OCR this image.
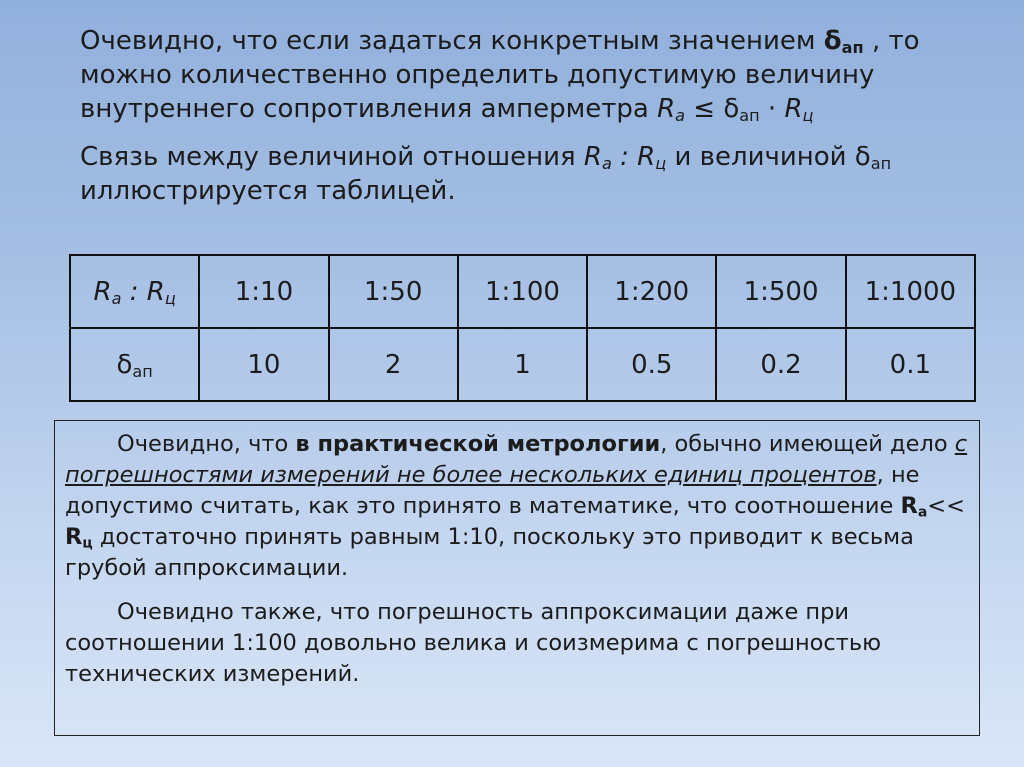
Очевидно, что если задаться конкретным значением $\delta_{ап}$ , то можно количественно определить допустимую величину внутреннего сопротивления амперметра $R_а \le \delta_{ап} \cdot R_ц$

Связь между величиной отношения $R_а$ : $R_ц$ и величиной $\delta_{ап}$ иллюстрируется таблицей.

$R_а$ : $R_ц$	1:10	1:50	1:100	1:200	1:500	1:1000
$\delta_{ап}$	10	2	1	0.5	0.2	0.1

Очевидно, что в практической метрологии, обычно имеющей дело с погрешностями измерений не более нескольких единиц процентов, не допустимо считать, как это принято в математике, что соотношение $R_а<< R_ц$ достаточно принять равным 1:10, поскольку это приводит к весьма грубой аппроксимации.

Очевидно также, что погрешность аппроксимации даже при соотношении 1:100 довольно велика и соизмерима с погрешностью технических измерений.
